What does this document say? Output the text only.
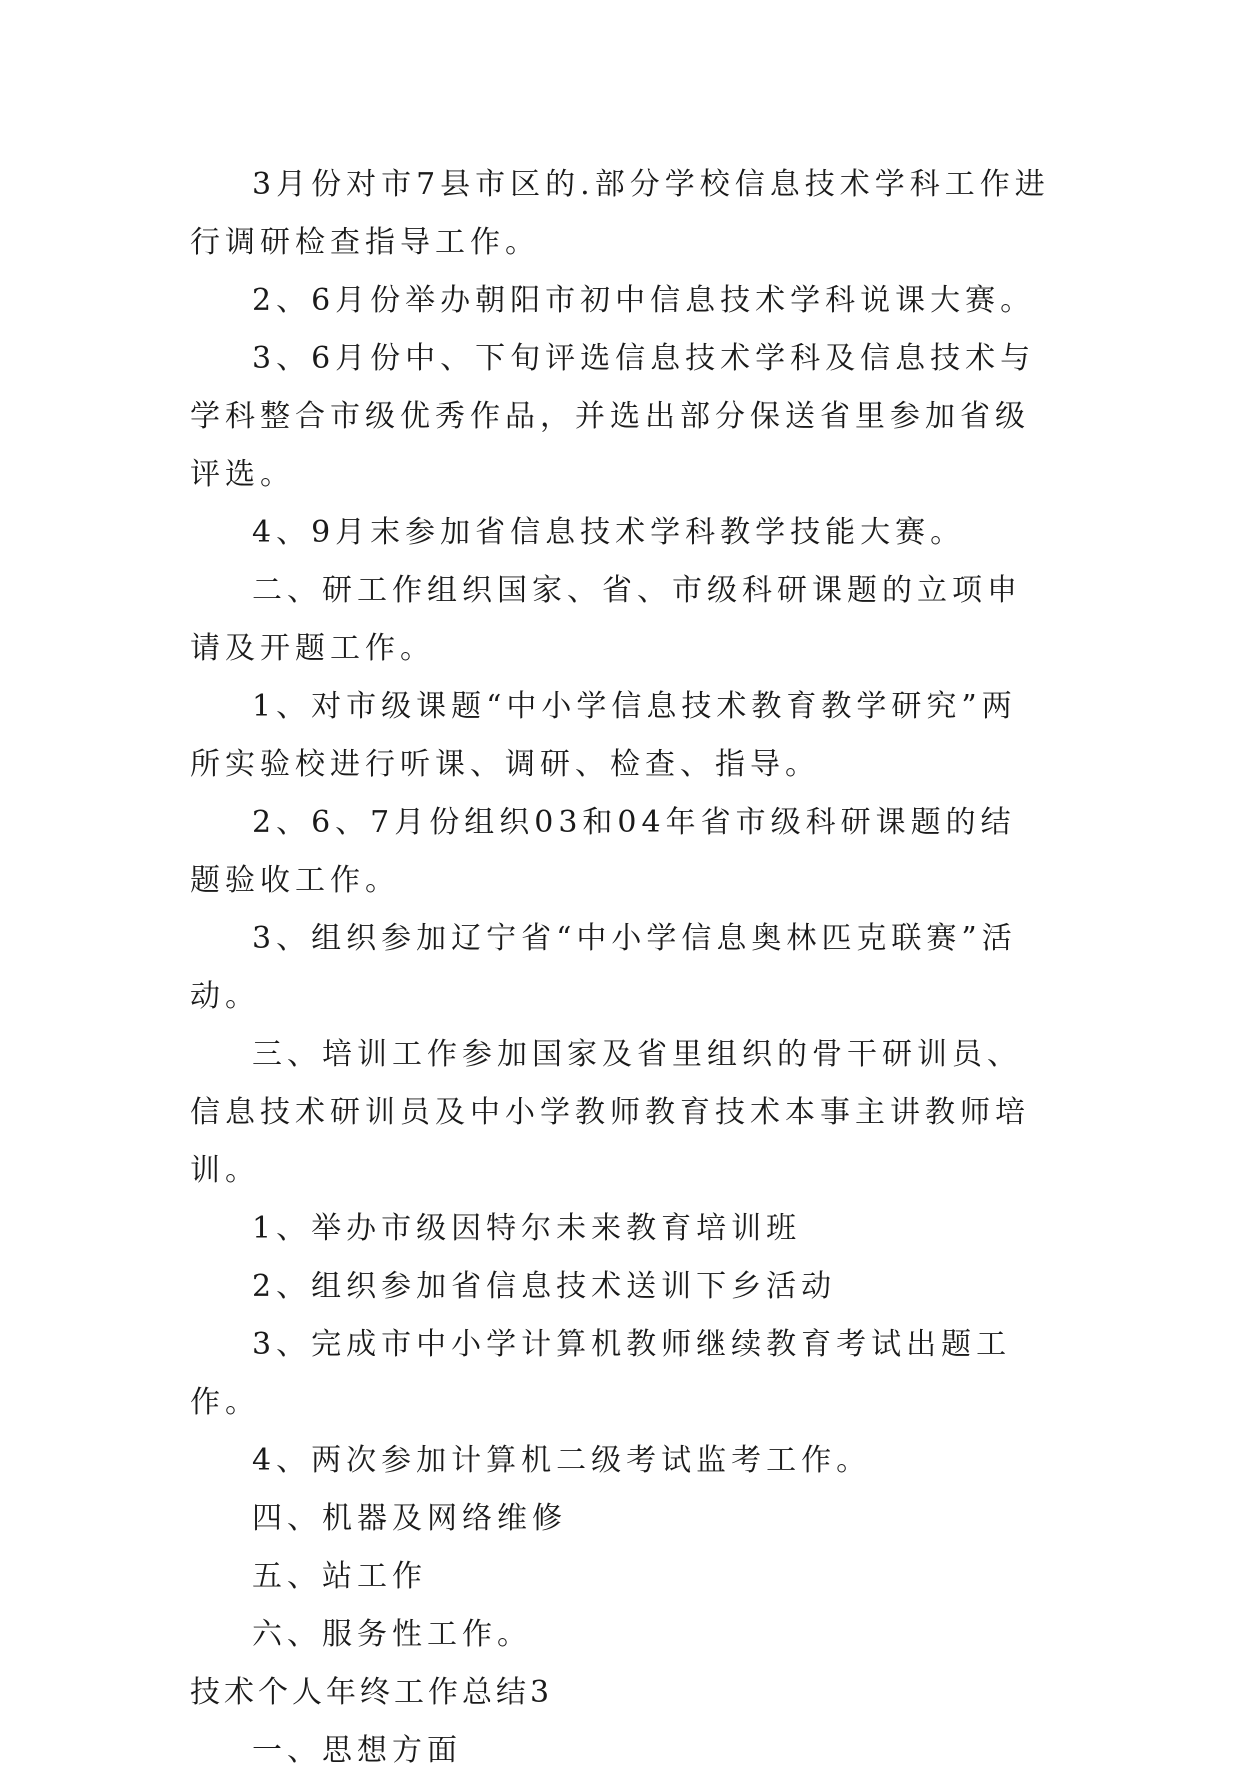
3月份对市7县市区的.部分学校信息技术学科工作进行调研检查指导工作。

2、6月份举办朝阳市初中信息技术学科说课大赛。

3、6月份中、下旬评选信息技术学科及信息技术与学科整合市级优秀作品，并选出部分保送省里参加省级评选。

4、9月末参加省信息技术学科教学技能大赛。

二、研工作组织国家、省、市级科研课题的立项申请及开题工作。

1、对市级课题“中小学信息技术教育教学研究”两所实验校进行听课、调研、检查、指导。

2、6、7月份组织03和04年省市级科研课题的结题验收工作。

3、组织参加辽宁省“中小学信息奥林匹克联赛”活动。

三、培训工作参加国家及省里组织的骨干研训员、信息技术研训员及中小学教师教育技术本事主讲教师培训。

1、举办市级因特尔未来教育培训班

2、组织参加省信息技术送训下乡活动

3、完成市中小学计算机教师继续教育考试出题工作。

4、两次参加计算机二级考试监考工作。

四、机器及网络维修

五、站工作

六、服务性工作。

技术个人年终工作总结3

一、思想方面
